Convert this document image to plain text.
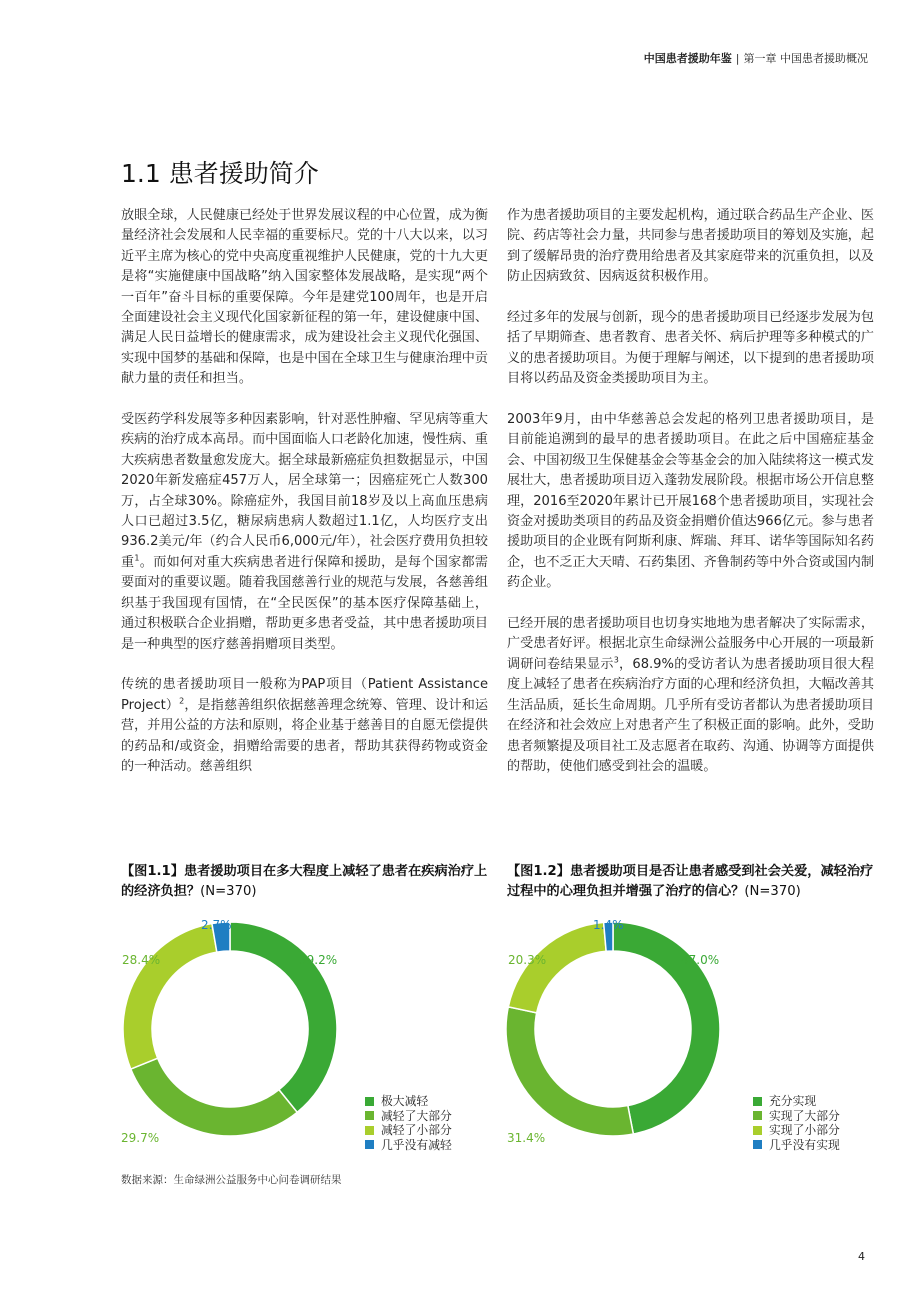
中国患者援助年鉴 | 第一章 中国患者援助概况
1.1 患者援助简介

放眼全球，人民健康已经处于世界发展议程的中心位置，成为衡量经济社会发展和人民幸福的重要标尺。党的十八大以来，以习近平主席为核心的党中央高度重视维护人民健康，党的十九大更是将“实施健康中国战略”纳入国家整体发展战略，是实现“两个一百年”奋斗目标的重要保障。今年是建党100周年，也是开启全面建设社会主义现代化国家新征程的第一年，建设健康中国、满足人民日益增长的健康需求，成为建设社会主义现代化强国、实现中国梦的基础和保障，也是中国在全球卫生与健康治理中贡献力量的责任和担当。

受医药学科发展等多种因素影响，针对恶性肿瘤、罕见病等重大疾病的治疗成本高昂。而中国面临人口老龄化加速，慢性病、重大疾病患者数量愈发庞大。据全球最新癌症负担数据显示，中国2020年新发癌症457万人，居全球第一；因癌症死亡人数300万，占全球30%。除癌症外，我国目前18岁及以上高血压患病人口已超过3.5亿，糖尿病患病人数超过1.1亿，人均医疗支出936.2美元/年（约合人民币6,000元/年），社会医疗费用负担较重$^1$。而如何对重大疾病患者进行保障和援助，是每个国家都需要面对的重要议题。随着我国慈善行业的规范与发展，各慈善组织基于我国现有国情，在“全民医保”的基本医疗保障基础上，通过积极联合企业捐赠，帮助更多患者受益，其中患者援助项目是一种典型的医疗慈善捐赠项目类型。

传统的患者援助项目一般称为PAP项目（Patient Assistance Project）$^2$，是指慈善组织依据慈善理念统筹、管理、设计和运营，并用公益的方法和原则，将企业基于慈善目的自愿无偿提供的药品和/或资金，捐赠给需要的患者，帮助其获得药物或资金的一种活动。慈善组织

作为患者援助项目的主要发起机构，通过联合药品生产企业、医院、药店等社会力量，共同参与患者援助项目的筹划及实施，起到了缓解昂贵的治疗费用给患者及其家庭带来的沉重负担，以及防止因病致贫、因病返贫积极作用。

经过多年的发展与创新，现今的患者援助项目已经逐步发展为包括了早期筛查、患者教育、患者关怀、病后护理等多种模式的广义的患者援助项目。为便于理解与阐述，以下提到的患者援助项目将以药品及资金类援助项目为主。

2003年9月，由中华慈善总会发起的格列卫患者援助项目，是目前能追溯到的最早的患者援助项目。在此之后中国癌症基金会、中国初级卫生保健基金会等基金会的加入陆续将这一模式发展壮大，患者援助项目迈入蓬勃发展阶段。根据市场公开信息整理，2016至2020年累计已开展168个患者援助项目，实现社会资金对援助类项目的药品及资金捐赠价值达966亿元。参与患者援助项目的企业既有阿斯利康、辉瑞、拜耳、诺华等国际知名药企，也不乏正大天晴、石药集团、齐鲁制药等中外合资或国内制药企业。

已经开展的患者援助项目也切身实地地为患者解决了实际需求，广受患者好评。根据北京生命绿洲公益服务中心开展的一项最新调研问卷结果显示$^3$，68.9%的受访者认为患者援助项目很大程度上减轻了患者在疾病治疗方面的心理和经济负担，大幅改善其生活品质，延长生命周期。几乎所有受访者都认为患者援助项目在经济和社会效应上对患者产生了积极正面的影响。此外，受助患者频繁提及项目社工及志愿者在取药、沟通、协调等方面提供的帮助，使他们感受到社会的温暖。

【图1.1】患者援助项目在多大程度上减轻了患者在疾病治疗上的经济负担？(N=370)

39.2%
29.7%
28.4%
2.7%
极大减轻
减轻了大部分
减轻了小部分
几乎没有减轻

【图1.2】患者援助项目是否让患者感受到社会关爱，减轻治疗过程中的心理负担并增强了治疗的信心？(N=370)

47.0%
31.4%
20.3%
1.4%
充分实现
实现了大部分
实现了小部分
几乎没有实现
数据来源：生命绿洲公益服务中心问卷调研结果
4
